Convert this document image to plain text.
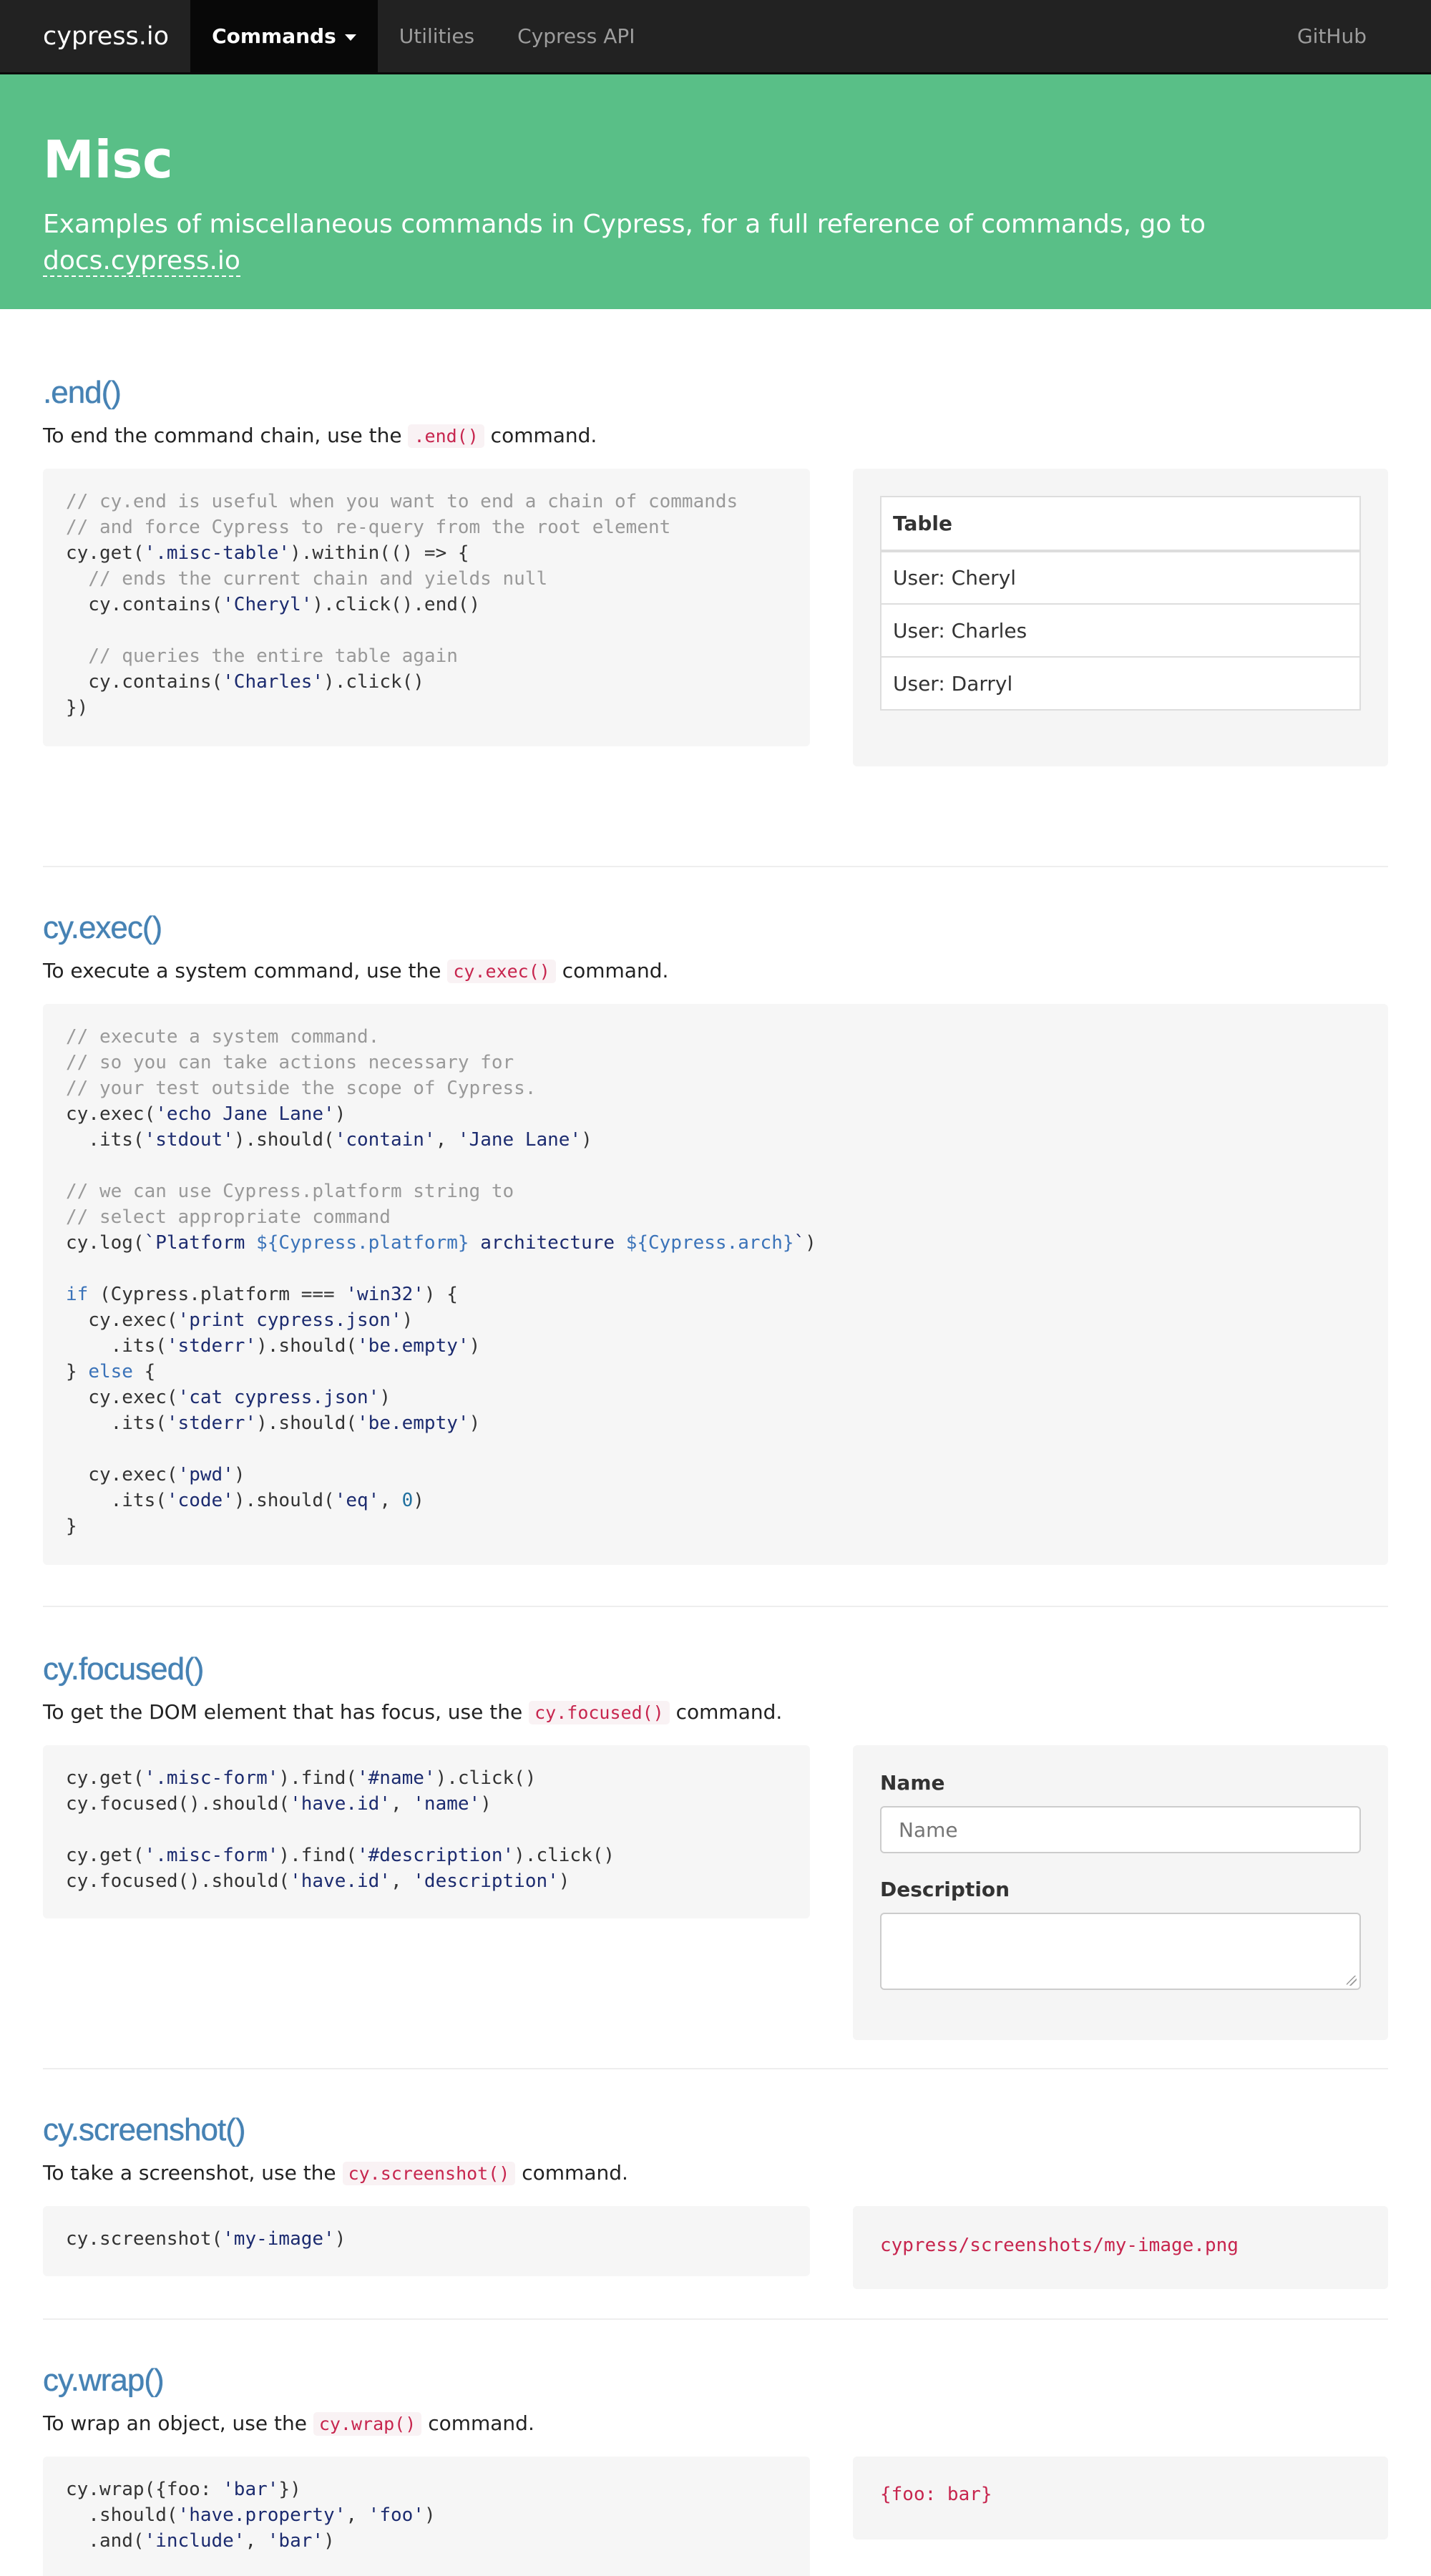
cypress.io Commands	Utilities	Cypress API	GitHub
Misc

Examples of miscellaneous commands in Cypress, for a full reference of commands, go to docs.cypress.io

.end()

To end the command chain, use the .end() command.

// cy.end is useful when you want to end a chain of commands
// and force Cypress to re-query from the root element
cy.get('.misc-table').within(() => {
// ends the current chain and yields null
cy.contains('Cheryl').click().end()

// queries the entire table again
cy.contains('Charles').click()
})
Table
User: Cheryl
User: Charles
User: Darryl
cy.exec()

To execute a system command, use the cy.exec() command.

// execute a system command.
// so you can take actions necessary for
// your test outside the scope of Cypress.
cy.exec('echo Jane Lane')
.its('stdout').should('contain', 'Jane Lane')

// we can use Cypress.platform string to
// select appropriate command
cy.log(`Platform ${Cypress.platform} architecture ${Cypress.arch}`)

if (Cypress.platform === 'win32') {
cy.exec('print cypress.json')
.its('stderr').should('be.empty')
} else {
cy.exec('cat cypress.json')
.its('stderr').should('be.empty')

cy.exec('pwd')
.its('code').should('eq', 0)
}
cy.focused()

To get the DOM element that has focus, use the cy.focused() command.

cy.get('.misc-form').find('#name').click()
cy.focused().should('have.id', 'name')

cy.get('.misc-form').find('#description').click()
cy.focused().should('have.id', 'description')
Name
Name
Description
cy.screenshot()

To take a screenshot, use the cy.screenshot() command.

cy.screenshot('my-image')	cypress/screenshots/my-image.png
cy.wrap()

To wrap an object, use the cy.wrap() command.

cy.wrap({foo: 'bar'})
.should('have.property', 'foo')
.and('include', 'bar')
{foo: bar}
